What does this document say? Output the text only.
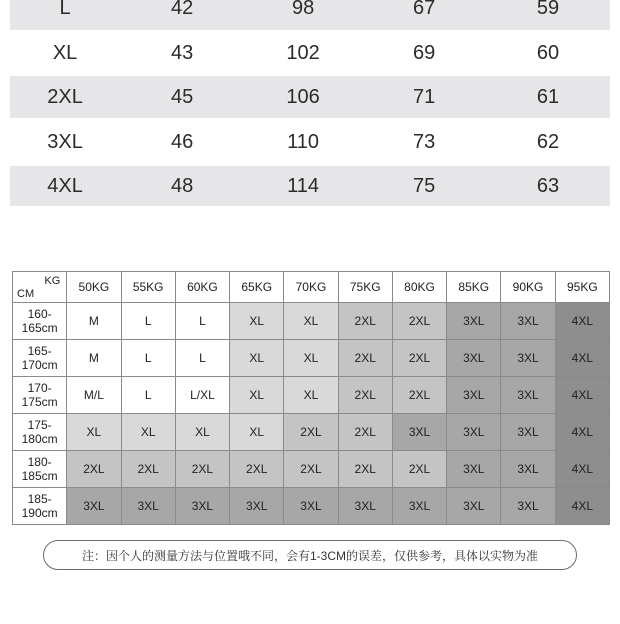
L	42	98	67	59
XL	43	102	69	60
2XL	45	106	71	61
3XL	46	110	73	62
4XL	48	114	75	63
KG
CM	50KG	55KG	60KG	65KG	70KG	75KG	80KG	85KG	90KG	95KG
160-165cm	M	L	L	XL	XL	2XL	2XL	3XL	3XL	4XL
165-170cm	M	L	L	XL	XL	2XL	2XL	3XL	3XL	4XL
170-175cm	M/L	L	L/XL	XL	XL	2XL	2XL	3XL	3XL	4XL
175-180cm	XL	XL	XL	XL	2XL	2XL	3XL	3XL	3XL	4XL
180-185cm	2XL	2XL	2XL	2XL	2XL	2XL	2XL	3XL	3XL	4XL
185-190cm	3XL	3XL	3XL	3XL	3XL	3XL	3XL	3XL	3XL	4XL
注：因个人的测量方法与位置哦不同，会有1-3CM的误差，仅供参考，具体以实物为准
